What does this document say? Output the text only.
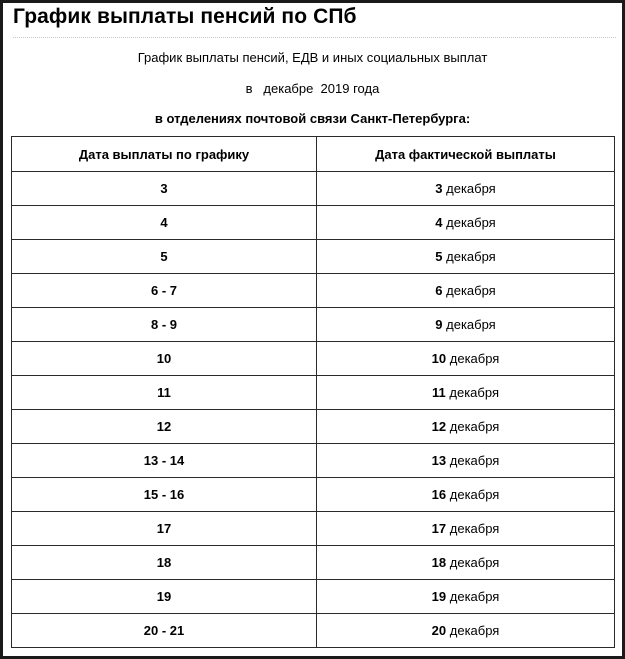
График выплаты пенсий по СПб
График выплаты пенсий, ЕДВ и иных социальных выплат
в   декабре  2019 года
в отделениях почтовой связи Санкт-Петербурга:
Дата выплаты по графику	Дата фактической выплаты
3	3 декабря
4	4 декабря
5	5 декабря
6 - 7	6 декабря
8 - 9	9 декабря
10	10 декабря
11	11 декабря
12	12 декабря
13 - 14	13 декабря
15 - 16	16 декабря
17	17 декабря
18	18 декабря
19	19 декабря
20 - 21	20 декабря
